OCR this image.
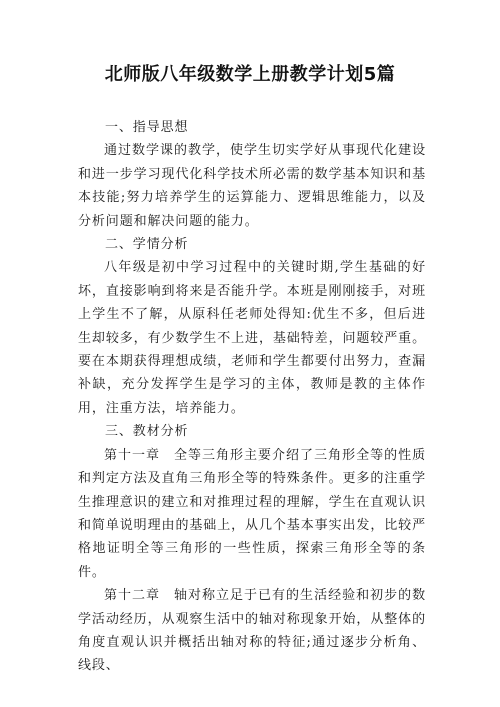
北师版八年级数学上册教学计划5篇

一、指导思想

通过数学课的教学，使学生切实学好从事现代化建设和进一步学习现代化科学技术所必需的数学基本知识和基本技能;努力培养学生的运算能力、逻辑思维能力，以及分析问题和解决问题的能力。

二、学情分析

八年级是初中学习过程中的关键时期,学生基础的好坏，直接影响到将来是否能升学。本班是刚刚接手，对班上学生不了解，从原科任老师处得知:优生不多，但后进生却较多，有少数学生不上进，基础特差，问题较严重。要在本期获得理想成绩，老师和学生都要付出努力，查漏补缺，充分发挥学生是学习的主体，教师是教的主体作用，注重方法，培养能力。

三、教材分析

第十一章　全等三角形主要介绍了三角形全等的性质和判定方法及直角三角形全等的特殊条件。更多的注重学生推理意识的建立和对推理过程的理解，学生在直观认识和简单说明理由的基础上，从几个基本事实出发，比较严格地证明全等三角形的一些性质，探索三角形全等的条件。

第十二章　轴对称立足于已有的生活经验和初步的数学活动经历，从观察生活中的轴对称现象开始，从整体的角度直观认识并概括出轴对称的特征;通过逐步分析角、线段、
